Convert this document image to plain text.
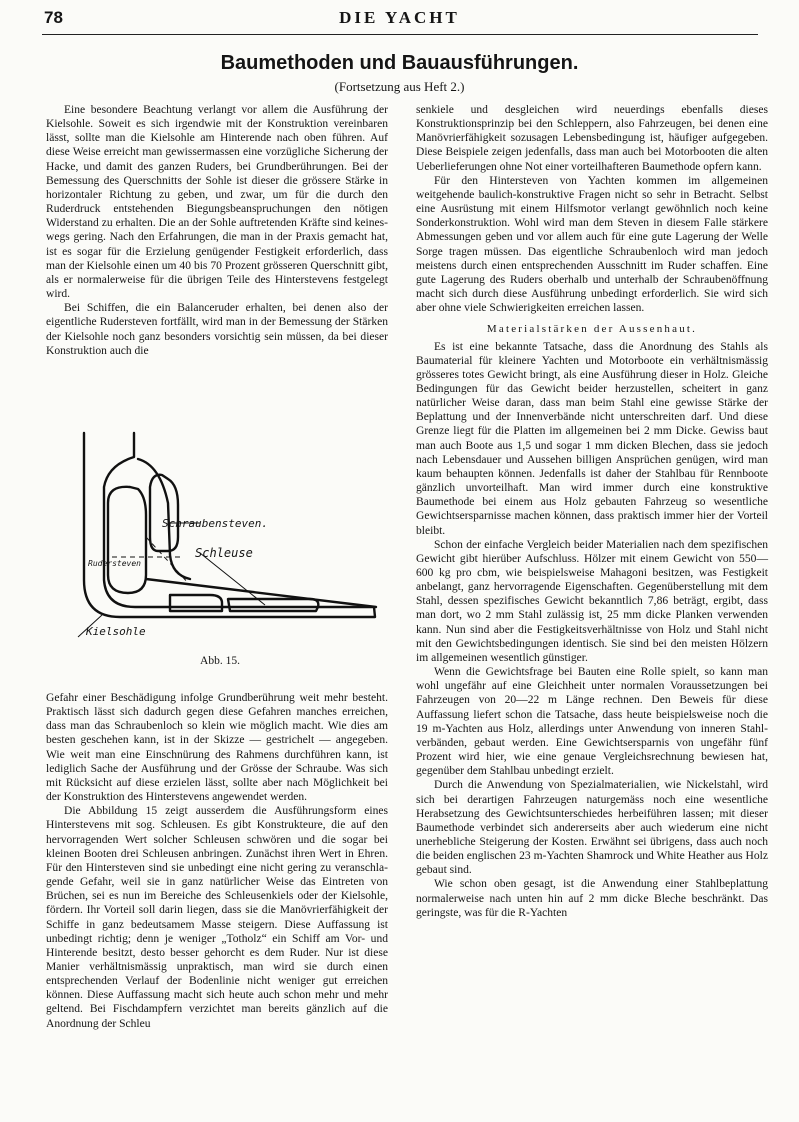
78	DIE YACHT
Baumethoden und Bauausführungen.
(Fortsetzung aus Heft 2.)

Eine besondere Beachtung verlangt vor allem die Ausführung der Kielsohle. Soweit es sich irgendwie mit der Konstruktion vereinbaren lässt, sollte man die Kielsohle am Hinterende nach oben führen. Auf diese Weise erreicht man gewissermassen eine vorzügliche Sicherung der Hacke, und damit des ganzen Ruders, bei Grundberührungen. Bei der Bemessung des Querschnitts der Sohle ist dieser die grössere Stärke in horizontaler Richtung zu geben, und zwar, um für die durch den Ruderdruck entstehenden Biegungsbeanspruchungen den nötigen Widerstand zu erhalten. Die an der Sohle auftretenden Kräfte sind keineswegs gering. Nach den Erfahrungen, die man in der Praxis gemacht hat, ist es sogar für die Erzielung genügender Festigkeit erforderlich, dass man der Kielsohle einen um 40 bis 70 Prozent grösseren Querschnitt gibt, als er normalerweise für die übrigen Teile des Hinterstevens festgelegt wird.

Bei Schiffen, die ein Balanceruder erhalten, bei denen also der eigentliche Rudersteven fortfällt, wird man in der Bemessung der Stärken der Kielsohle noch ganz besonders vorsichtig sein müssen, da bei dieser Konstruktion auch die

Schraubensteven.
Schleuse
Rudersteven
Kielsohle
Abb. 15.

Gefahr einer Beschädigung infolge Grundberührung weit mehr besteht. Praktisch lässt sich dadurch gegen diese Gefahren manches erreichen, dass man das Schraubenloch so klein wie möglich macht. Wie dies am besten geschehen kann, ist in der Skizze — gestrichelt — angegeben. Wie weit man eine Einschnürung des Rahmens durchführen kann, ist lediglich Sache der Ausführung und der Grösse der Schraube. Was sich mit Rücksicht auf diese erzielen lässt, sollte aber nach Möglichkeit bei der Konstruktion des Hinterstevens angewendet werden.

Die Abbildung 15 zeigt ausserdem die Ausführungsform eines Hinterstevens mit sog. Schleusen. Es gibt Konstrukteure, die auf den hervorragenden Wert solcher Schleusen schwören und die sogar bei kleinen Booten drei Schleusen anbringen. Zunächst ihren Wert in Ehren. Für den Hintersteven sind sie unbedingt eine nicht gering zu veranschlagende Gefahr, weil sie in ganz natürlicher Weise das Eintreten von Brüchen, sei es nun im Bereiche des Schleusenkiels oder der Kielsohle, fördern. Ihr Vorteil soll darin liegen, dass sie die Manövrierfähigkeit der Schiffe in ganz bedeutsamem Masse steigern. Diese Auffassung ist unbedingt richtig; denn je weniger „Totholz“ ein Schiff am Vor- und Hinterende besitzt, desto besser gehorcht es dem Ruder. Nur ist diese Manier verhältnismässig unpraktisch, man wird sie durch einen entsprechenden Verlauf der Bodenlinie nicht weniger gut erreichen können. Diese Auffassung macht sich heute auch schon mehr und mehr geltend. Bei Fischdampfern verzichtet man bereits gänzlich auf die Anordnung der Schleu

senkiele und desgleichen wird neuerdings ebenfalls dieses Konstruktionsprinzip bei den Schleppern, also Fahrzeugen, bei denen eine Manövrierfähigkeit sozusagen Lebensbedingung ist, häufiger aufgegeben. Diese Beispiele zeigen jedenfalls, dass man auch bei Motorbooten die alten Ueberlieferungen ohne Not einer vorteilhafteren Baumethode opfern kann.

Für den Hintersteven von Yachten kommen im allgemeinen weitgehende baulich-konstruktive Fragen nicht so sehr in Betracht. Selbst eine Ausrüstung mit einem Hilfsmotor verlangt gewöhnlich noch keine Sonderkonstruktion. Wohl wird man dem Steven in diesem Falle stärkere Abmessungen geben und vor allem auch für eine gute Lagerung der Welle Sorge tragen müssen. Das eigentliche Schraubenloch wird man jedoch meistens durch einen entsprechenden Ausschnitt im Ruder schaffen. Eine gute Lagerung des Ruders oberhalb und unterhalb der Schraubenöffnung macht sich durch diese Ausführung unbedingt erforderlich. Sie wird sich aber ohne viele Schwierigkeiten erreichen lassen.

Materialstärken der Aussenhaut.

Es ist eine bekannte Tatsache, dass die Anordnung des Stahls als Baumaterial für kleinere Yachten und Motorboote ein verhältnismässig grösseres totes Gewicht bringt, als eine Ausführung dieser in Holz. Gleiche Bedingungen für das Gewicht beider herzustellen, scheitert in ganz natürlicher Weise daran, dass man beim Stahl eine gewisse Stärke der Beplattung und der Innenverbände nicht unterschreiten darf. Und diese Grenze liegt für die Platten im allgemeinen bei 2 mm Dicke. Gewiss baut man auch Boote aus 1,5 und sogar 1 mm dicken Blechen, dass sie jedoch nach Lebensdauer und Aussehen billigen Ansprüchen genügen, wird man kaum behaupten können. Jedenfalls ist daher der Stahlbau für Rennboote gänzlich unvorteilhaft. Man wird immer durch eine konstruktive Baumethode bei einem aus Holz gebauten Fahrzeug so wesentliche Gewichtsersparnisse machen können, dass praktisch immer hier der Vorteil bleibt.

Schon der einfache Vergleich beider Materialien nach dem spezifischen Gewicht gibt hierüber Aufschluss. Hölzer mit einem Gewicht von 550—600 kg pro cbm, wie beispielsweise Mahagoni besitzen, was Festigkeit anbelangt, ganz hervorragende Eigenschaften. Gegenüberstellung mit dem Stahl, dessen spezifisches Gewicht bekanntlich 7,86 beträgt, ergibt, dass man dort, wo 2 mm Stahl zulässig ist, 25 mm dicke Planken verwenden kann. Nun sind aber die Festigkeitsverhältnisse von Holz und Stahl nicht mit den Gewichtsbedingungen identisch. Sie sind bei den meisten Hölzern im allgemeinen wesentlich günstiger.

Wenn die Gewichtsfrage bei Bauten eine Rolle spielt, so kann man wohl ungefähr auf eine Gleichheit unter normalen Voraussetzungen bei Fahrzeugen von 20—22 m Länge rechnen. Den Beweis für diese Auffassung liefert schon die Tatsache, dass heute beispielsweise noch die 19 m-Yachten aus Holz, allerdings unter Anwendung von inneren Stahlverbänden, gebaut werden. Eine Gewichtsersparnis von ungefähr fünf Prozent wird hier, wie eine genaue Vergleichsrechnung bewiesen hat, gegenüber dem Stahlbau unbedingt erzielt.

Durch die Anwendung von Spezialmaterialien, wie Nickelstahl, wird sich bei derartigen Fahrzeugen naturgemäss noch eine wesentliche Herabsetzung des Gewichtsunterschiedes herbeiführen lassen; mit dieser Baumethode verbindet sich andererseits aber auch wiederum eine nicht unerhebliche Steigerung der Kosten. Erwähnt sei übrigens, dass auch noch die beiden englischen 23 m-Yachten Shamrock und White Heather aus Holz gebaut sind.

Wie schon oben gesagt, ist die Anwendung einer Stahlbeplattung normalerweise nach unten hin auf 2 mm dicke Bleche beschränkt. Das geringste, was für die R-Yachten
